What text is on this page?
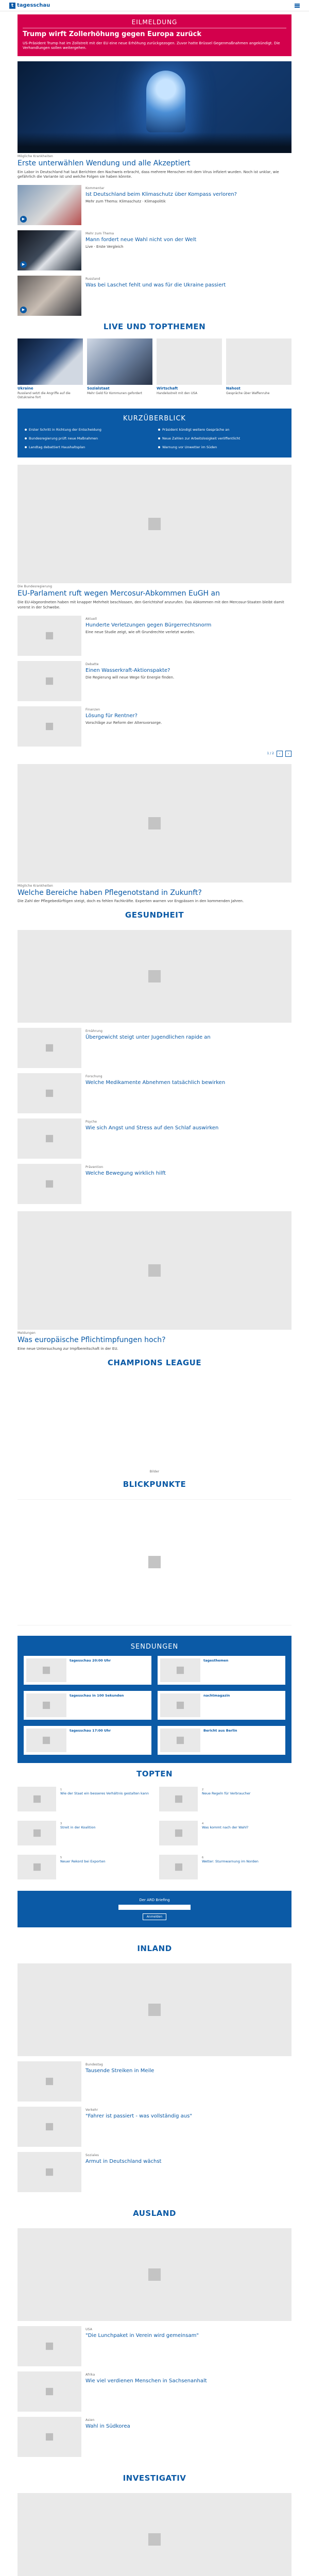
t tagesschau
EILMELDUNG
Trump wirft Zollerhöhung gegen Europa zurück
US-Präsident Trump hat im Zollstreit mit der EU eine neue Erhöhung zurückgezogen. Zuvor hatte Brüssel Gegenmaßnahmen angekündigt. Die Verhandlungen sollen weitergehen.
Mögliche Krankheiten
Erste unterwählen Wendung und alle Akzeptiert

Ein Labor in Deutschland hat laut Berichten den Nachweis erbracht, dass mehrere Menschen mit dem Virus infiziert wurden. Noch ist unklar, wie gefährlich die Variante ist und welche Folgen sie haben könnte.

▶
Kommentar
Ist Deutschland beim Klimaschutz über Kompass verloren?

Mehr zum Thema: Klimaschutz · Klimapolitik

▶
Mehr zum Thema
Mann fordert neue Wahl nicht von der Welt

Live · Erste Vergleich

▶
Russland
Was bei Laschet fehlt und was für die Ukraine passiert
LIVE UND TOPTHEMEN
Ukraine
Russland setzt die Angriffe auf die Ostukraine fort
Sozialstaat
Mehr Geld für Kommunen gefordert
Wirtschaft
Handelsstreit mit den USA
Nahost
Gespräche über Waffenruhe
KURZÜBERBLICK
Erster Schritt in Richtung der Entscheidung	Präsident kündigt weitere Gespräche an
Bundesregierung prüft neue Maßnahmen	Neue Zahlen zur Arbeitslosigkeit veröffentlicht
Landtag debattiert Haushaltsplan	Warnung vor Unwetter im Süden
Die Bundesregierung
EU-Parlament ruft wegen Mercosur-Abkommen EuGH an

Die EU-Abgeordneten haben mit knapper Mehrheit beschlossen, den Gerichtshof anzurufen. Das Abkommen mit den Mercosur-Staaten bleibt damit vorerst in der Schwebe.

Aktuell
Hunderte Verletzungen gegen Bürgerrechtsnorm

Eine neue Studie zeigt, wie oft Grundrechte verletzt wurden.

Debatte
Einen Wasserkraft-Aktionspakte?

Die Regierung will neue Wege für Energie finden.

Finanzen
Lösung für Rentner?

Vorschläge zur Reform der Altersvorsorge.

1 / 2	‹	›
Mögliche Krankheiten
Welche Bereiche haben Pflegenotstand in Zukunft?

Die Zahl der Pflegebedürftigen steigt, doch es fehlen Fachkräfte. Experten warnen vor Engpässen in den kommenden Jahren.

GESUNDHEIT
Ernährung
Übergewicht steigt unter Jugendlichen rapide an
Forschung
Welche Medikamente Abnehmen tatsächlich bewirken
Psyche
Wie sich Angst und Stress auf den Schlaf auswirken
Prävention
Welche Bewegung wirklich hilft
Meldungen
Was europäische Pflichtimpfungen hoch?

Eine neue Untersuchung zur Impfbereitschaft in der EU.

CHAMPIONS LEAGUE
Bilder
BLICKPUNKTE
SENDUNGEN
tagesschau 20:00 Uhr	tagesthemen
tagesschau in 100 Sekunden	nachtmagazin
tagesschau 17:00 Uhr	Bericht aus Berlin
TOPTEN
1
Wie der Staat ein besseres Verhältnis gestalten kann
2
Neue Regeln für Verbraucher
3
Streit in der Koalition
4
Was kommt nach der Wahl?
5
Neuer Rekord bei Exporten
6
Wetter: Sturmwarnung im Norden
Der ARD Briefing
Anmelden
INLAND
Bundestag
Tausende Streiken in Meile
Verkehr
"Fahrer ist passiert - was vollständig aus"
Soziales
Armut in Deutschland wächst
AUSLAND
USA
"Die Lunchpaket in Verein wird gemeinsam"
Afrika
Wie viel verdienen Menschen in Sachsenanhalt
Asien
Wahl in Südkorea
INVESTIGATIV
